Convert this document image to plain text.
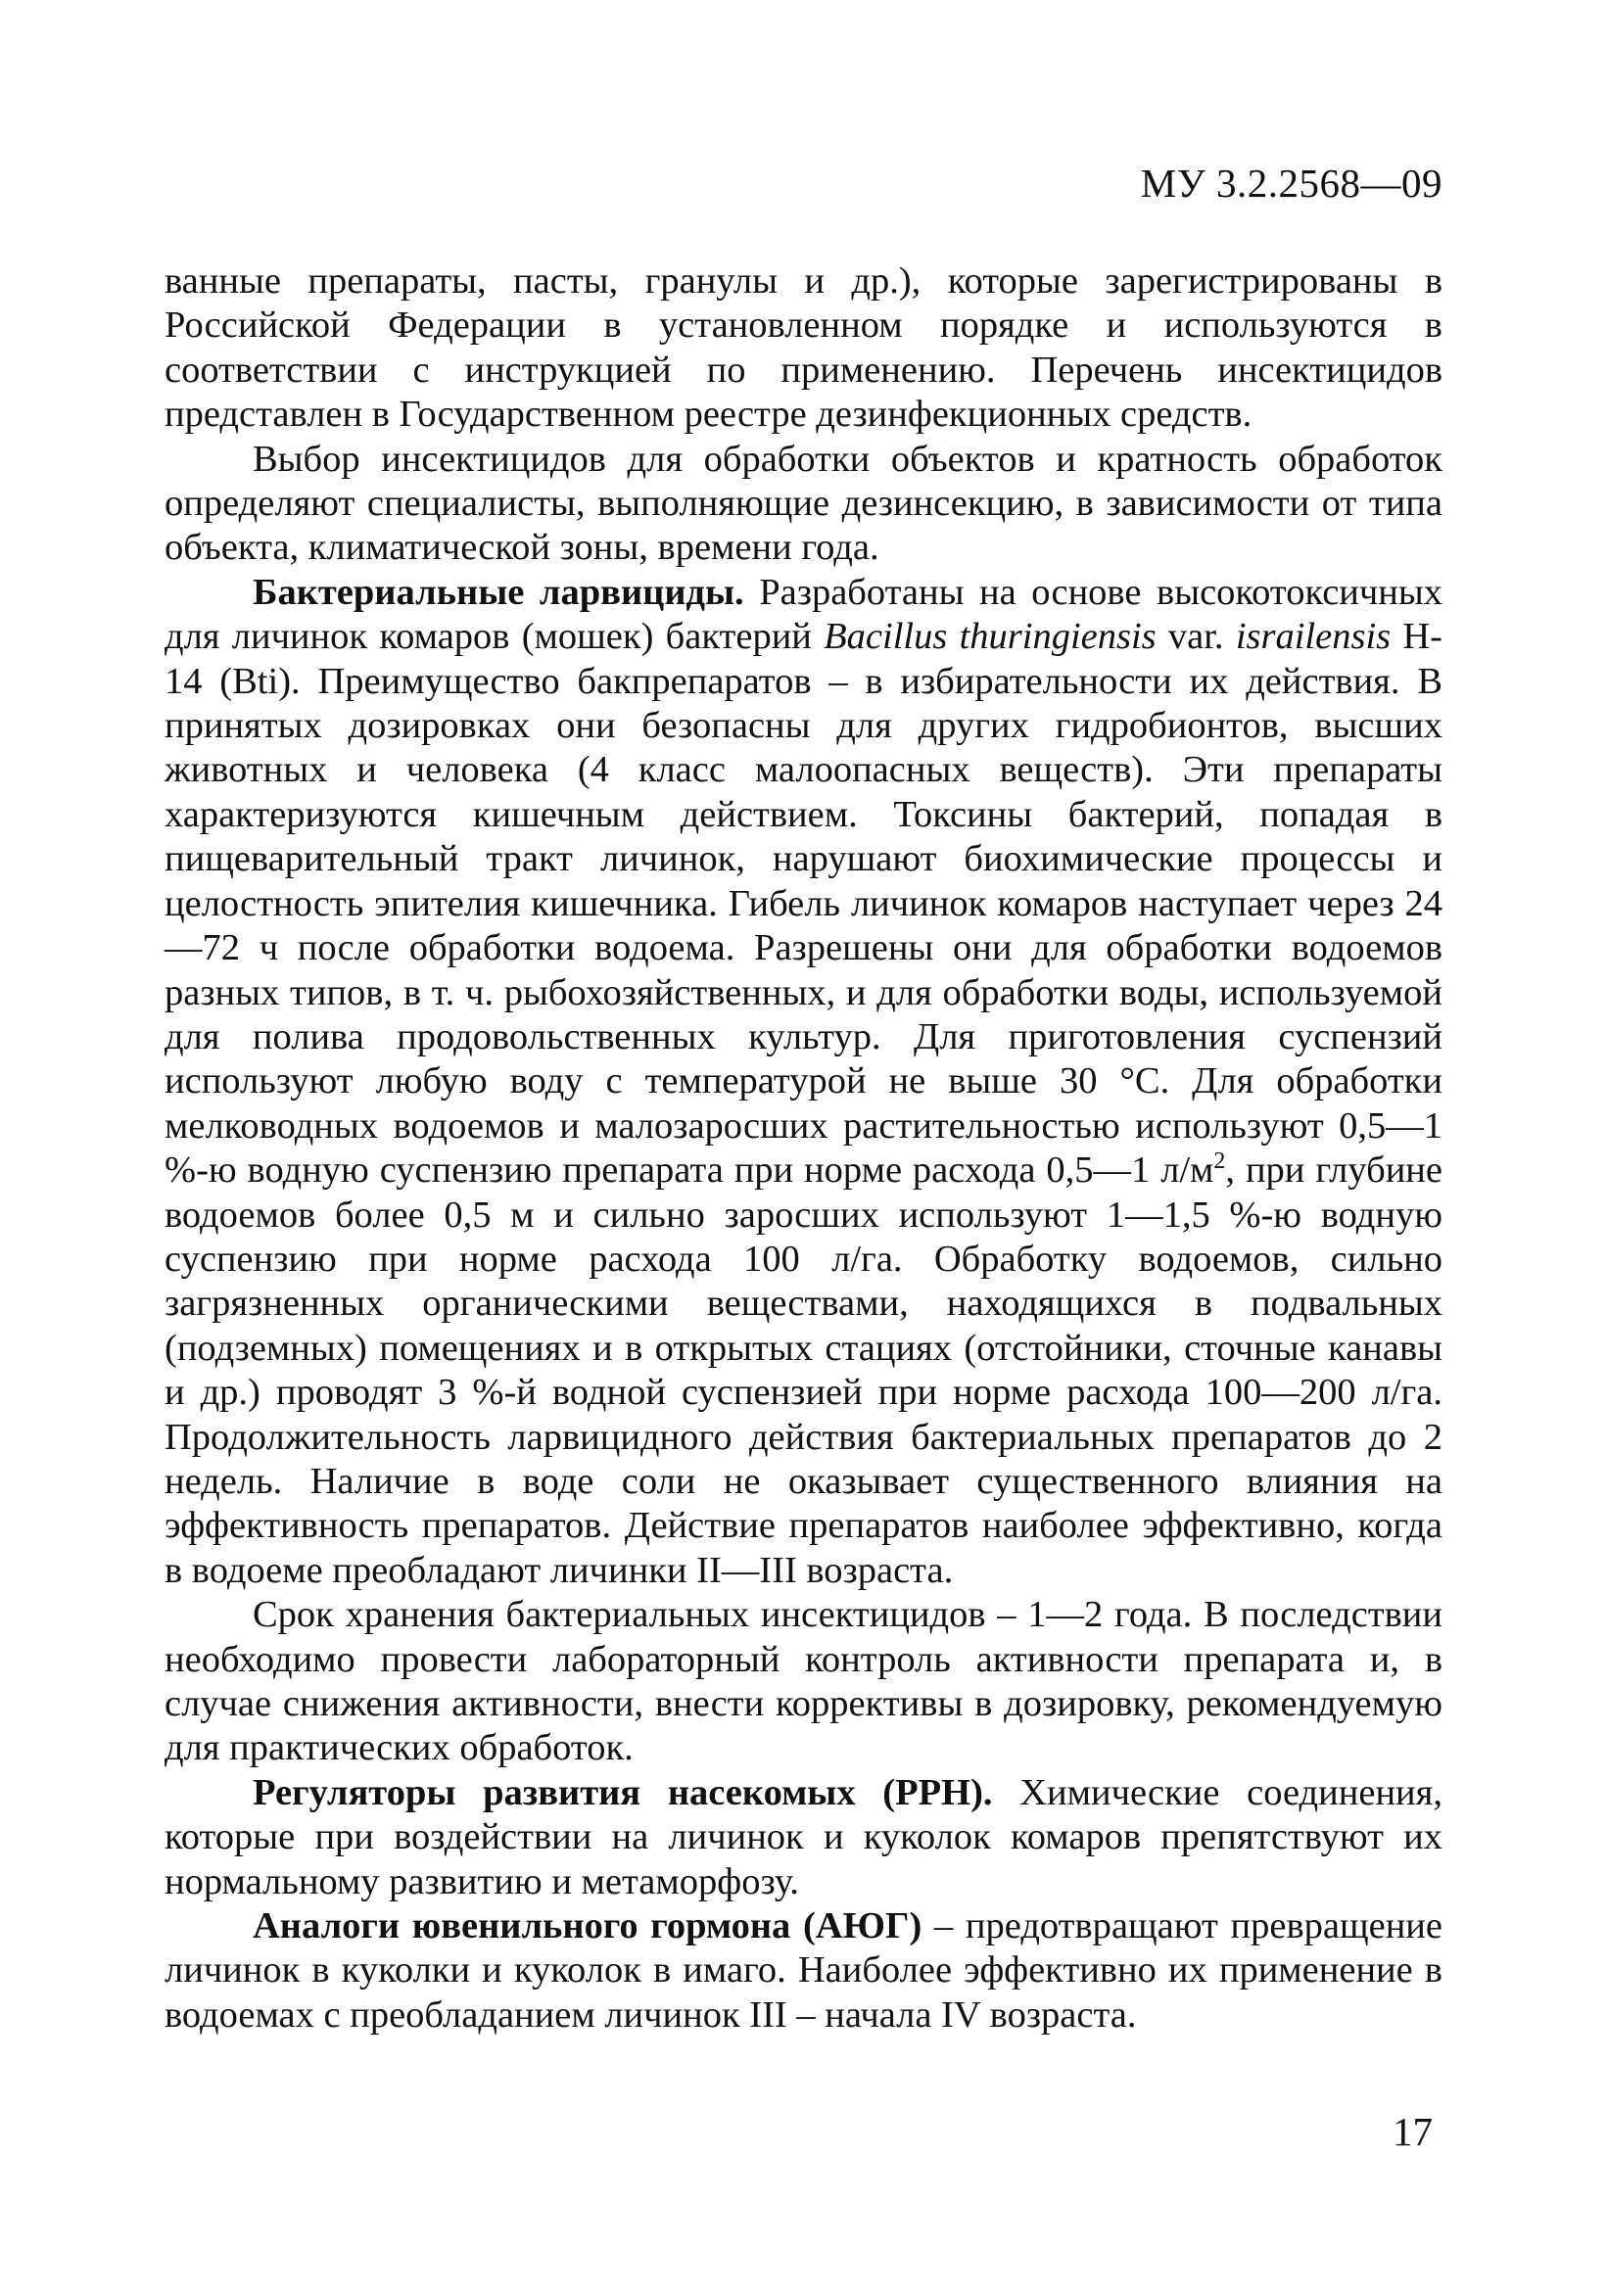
МУ 3.2.2568—09

ванные препараты, пасты, гранулы и др.), которые зарегистрированы в Российской Федерации в установленном порядке и используются в соответствии с инструкцией по применению. Перечень инсектицидов представлен в Государственном реестре дезинфекционных средств.

Выбор инсектицидов для обработки объектов и кратность обработок определяют специалисты, выполняющие дезинсекцию, в зависимости от типа объекта, климатической зоны, времени года.

Бактериальные ларвициды. Разработаны на основе высокотоксичных для личинок комаров (мошек) бактерий Bacillus thuringiensis var. israilensis H-14 (Bti). Преимущество бакпрепаратов – в избирательности их действия. В принятых дозировках они безопасны для других гидробионтов, высших животных и человека (4 класс малоопасных веществ). Эти препараты характеризуются кишечным действием. Токсины бактерий, попадая в пищеварительный тракт личинок, нарушают биохимические процессы и целостность эпителия кишечника. Гибель личинок комаров наступает через 24—72 ч после обработки водоема. Разрешены они для обработки водоемов разных типов, в т. ч. рыбохозяйственных, и для обработки воды, используемой для полива продовольственных культур. Для приготовления суспензий используют любую воду с температурой не выше 30 °С. Для обработки мелководных водоемов и малозаросших растительностью используют 0,5—1 %-ю водную суспензию препарата при норме расхода 0,5—1 $л/м^2$, при глубине водоемов более 0,5 м и сильно заросших используют 1—1,5 %-ю водную суспензию при норме расхода 100 л/га. Обработку водоемов, сильно загрязненных органическими веществами, находящихся в подвальных (подземных) помещениях и в открытых стациях (отстойники, сточные канавы и др.) проводят 3 %-й водной суспензией при норме расхода 100—200 л/га. Продолжительность ларвицидного действия бактериальных препаратов до 2 недель. Наличие в воде соли не оказывает существенного влияния на эффективность препаратов. Действие препаратов наиболее эффективно, когда в водоеме преобладают личинки II—III возраста.

Срок хранения бактериальных инсектицидов – 1—2 года. В последствии необходимо провести лабораторный контроль активности препарата и, в случае снижения активности, внести коррективы в дозировку, рекомендуемую для практических обработок.

Регуляторы развития насекомых (РРН). Химические соединения, которые при воздействии на личинок и куколок комаров препятствуют их нормальному развитию и метаморфозу.

Аналоги ювенильного гормона (АЮГ) – предотвращают превращение личинок в куколки и куколок в имаго. Наиболее эффективно их применение в водоемах с преобладанием личинок III – начала IV возраста.

17
